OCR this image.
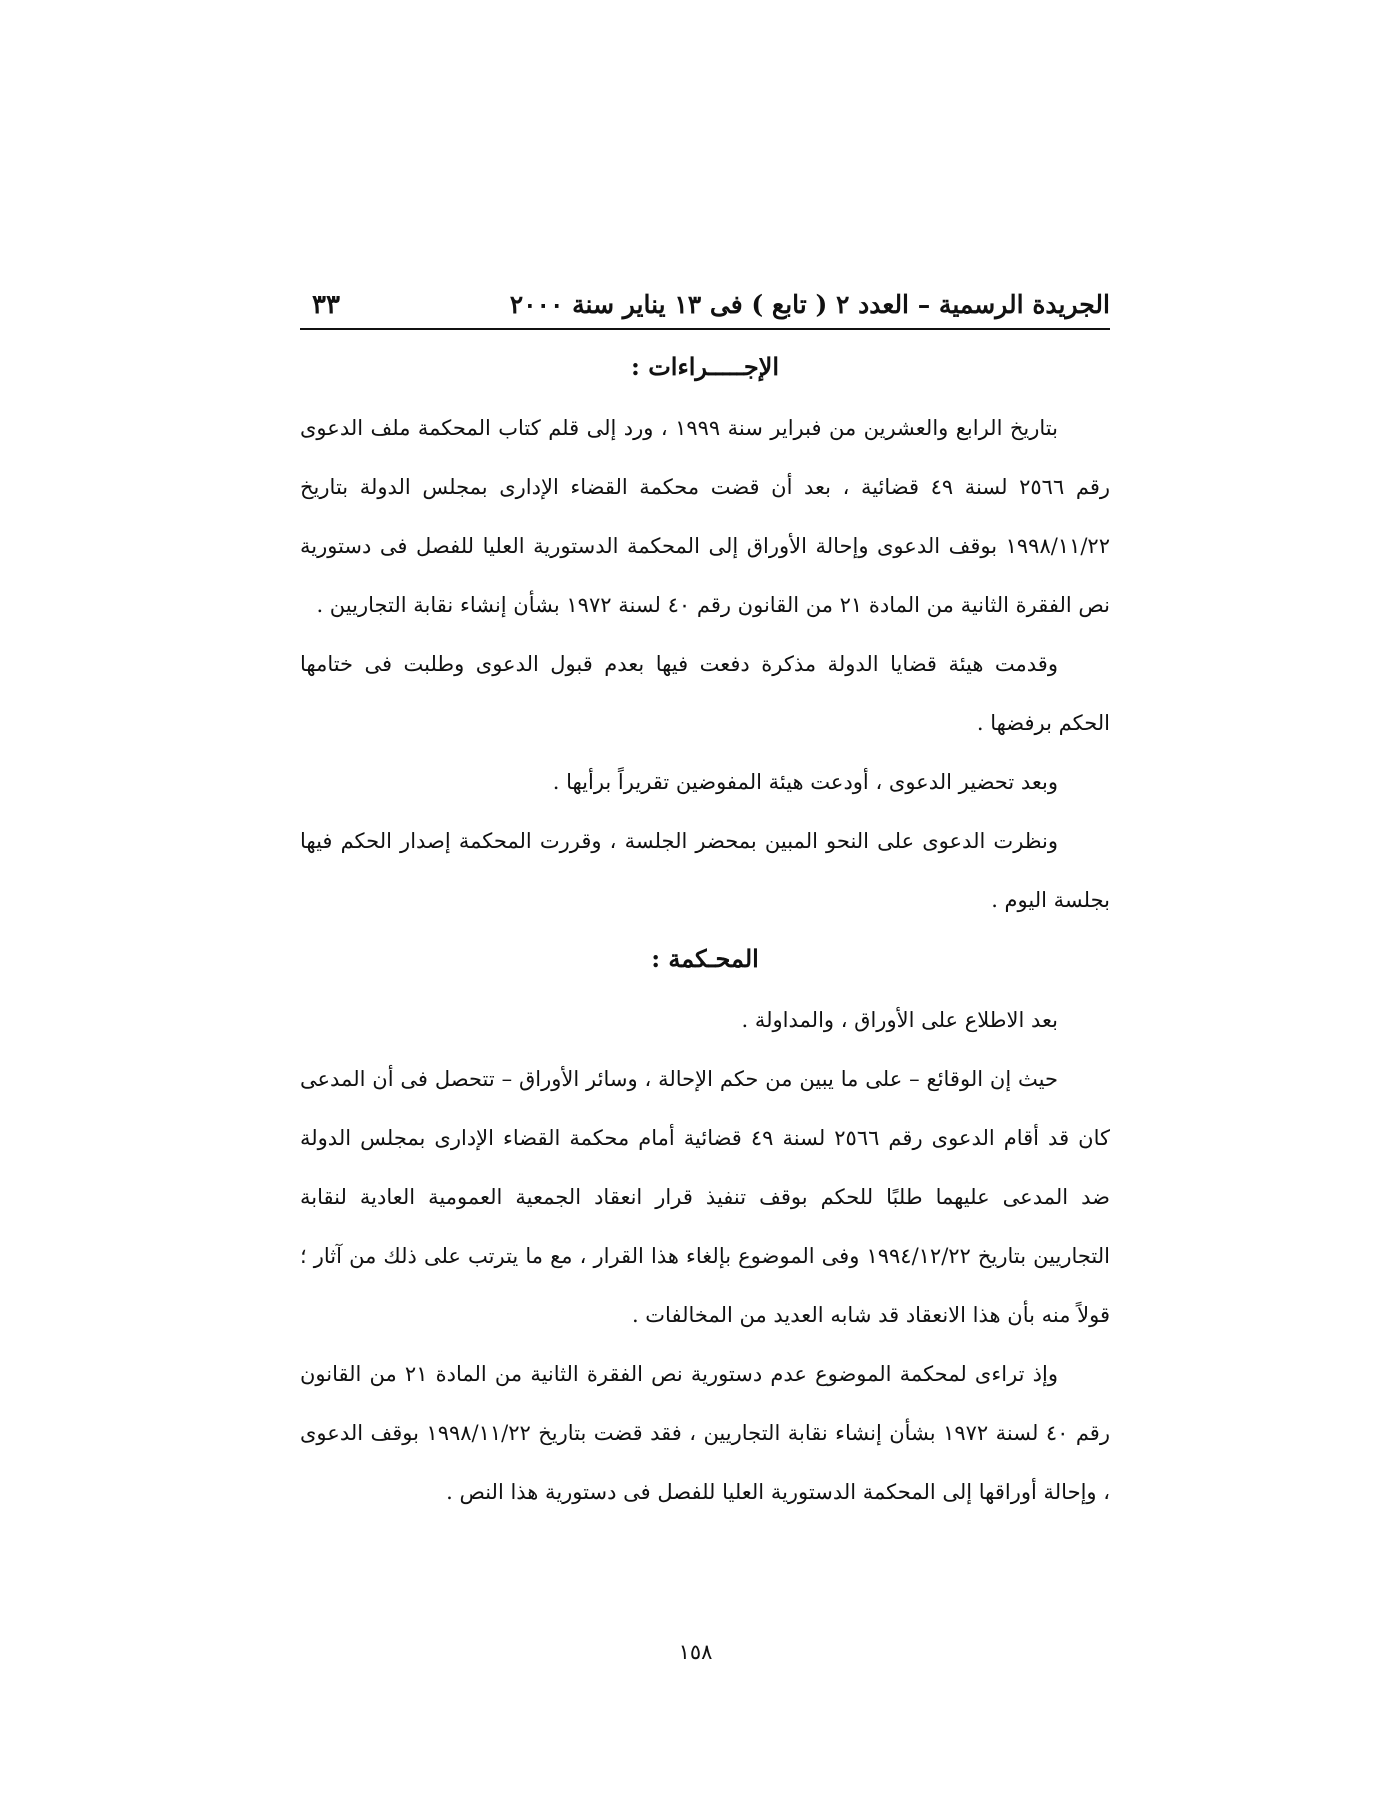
الجريدة الرسمية – العدد ٢ ( تابع ) فى ١٣ يناير سنة ٢٠٠٠
٣٣

الإجـــــراءات :

بتاريخ الرابع والعشرين من فبراير سنة ١٩٩٩ ، ورد إلى قلم كتاب المحكمة ملف الدعوى رقم ٢٥٦٦ لسنة ٤٩ قضائية ، بعد أن قضت محكمة القضاء الإدارى بمجلس الدولة بتاريخ ١٩٩٨/١١/٢٢ بوقف الدعوى وإحالة الأوراق إلى المحكمة الدستورية العليا للفصل فى دستورية نص الفقرة الثانية من المادة ٢١ من القانون رقم ٤٠ لسنة ١٩٧٢ بشأن إنشاء نقابة التجاريين .

وقدمت هيئة قضايا الدولة مذكرة دفعت فيها بعدم قبول الدعوى وطلبت فى ختامها الحكم برفضها .

وبعد تحضير الدعوى ، أودعت هيئة المفوضين تقريراً برأيها .

ونظرت الدعوى على النحو المبين بمحضر الجلسة ، وقررت المحكمة إصدار الحكم فيها بجلسة اليوم .

المحـكمة :

بعد الاطلاع على الأوراق ، والمداولة .

حيث إن الوقائع – على ما يبين من حكم الإحالة ، وسائر الأوراق – تتحصل فى أن المدعى كان قد أقام الدعوى رقم ٢٥٦٦ لسنة ٤٩ قضائية أمام محكمة القضاء الإدارى بمجلس الدولة ضد المدعى عليهما طلبًا للحكم بوقف تنفيذ قرار انعقاد الجمعية العمومية العادية لنقابة التجاريين بتاريخ ١٩٩٤/١٢/٢٢ وفى الموضوع بإلغاء هذا القرار ، مع ما يترتب على ذلك من آثار ؛ قولاً منه بأن هذا الانعقاد قد شابه العديد من المخالفات .

وإذ تراءى لمحكمة الموضوع عدم دستورية نص الفقرة الثانية من المادة ٢١ من القانون رقم ٤٠ لسنة ١٩٧٢ بشأن إنشاء نقابة التجاريين ، فقد قضت بتاريخ ١٩٩٨/١١/٢٢ بوقف الدعوى ، وإحالة أوراقها إلى المحكمة الدستورية العليا للفصل فى دستورية هذا النص .

١٥٨
